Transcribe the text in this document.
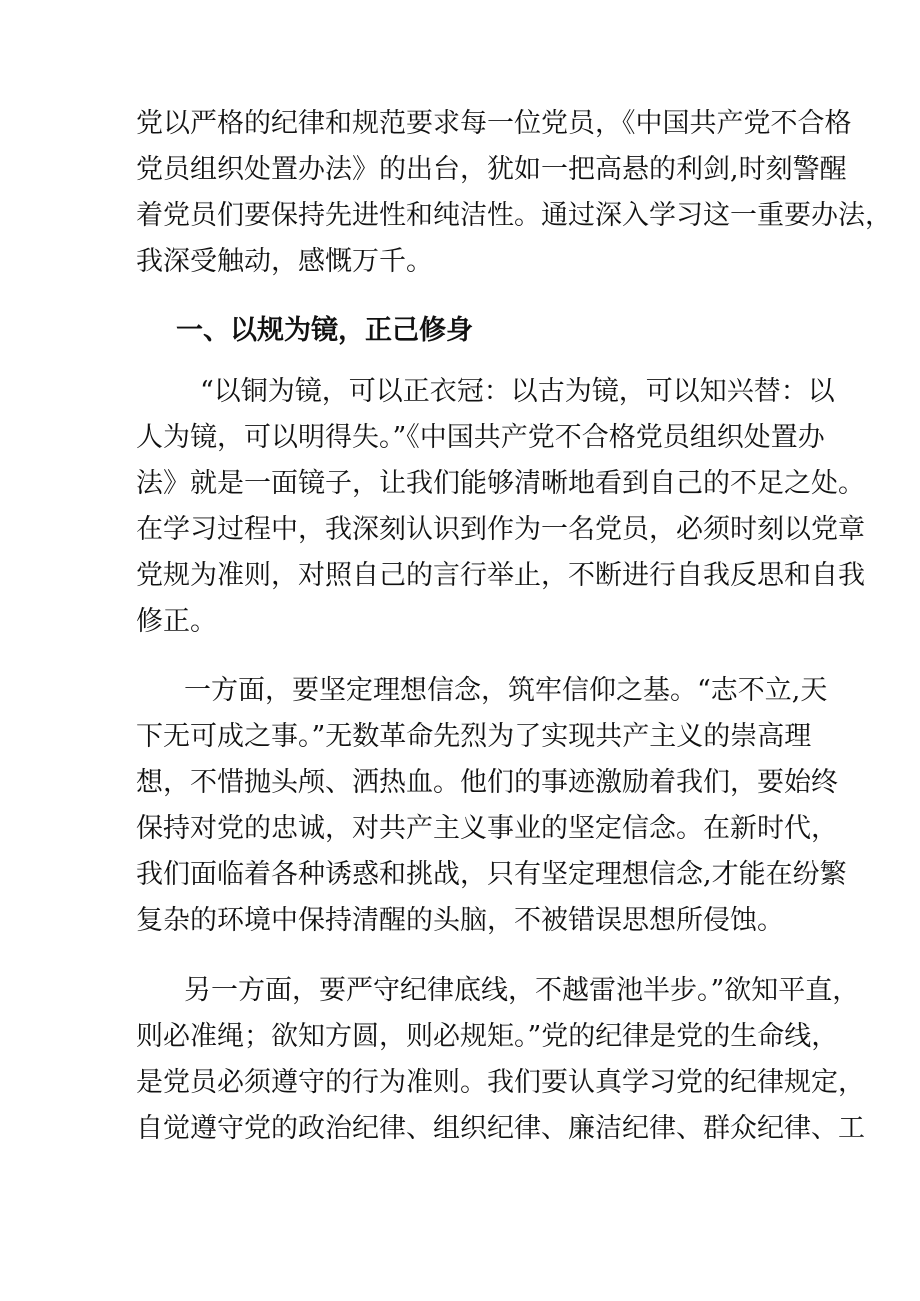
党以严格的纪律和规范要求每一位党员，《中国共产党不合格
党员组织处置办法》的出台，犹如一把高悬的利剑,时刻警醒
着党员们要保持先进性和纯洁性。通过深入学习这一重要办法，
我深受触动，感慨万千。
一、以规为镜，正己修身
“以铜为镜，可以正衣冠：以古为镜，可以知兴替：以
人为镜，可以明得失。”《中国共产党不合格党员组织处置办
法》就是一面镜子，让我们能够清晰地看到自己的不足之处。
在学习过程中，我深刻认识到作为一名党员，必须时刻以党章
党规为准则，对照自己的言行举止，不断进行自我反思和自我
修正。
一方面，要坚定理想信念，筑牢信仰之基。“志不立,天
下无可成之事。”无数革命先烈为了实现共产主义的崇高理
想，不惜抛头颅、洒热血。他们的事迹激励着我们，要始终
保持对党的忠诚，对共产主义事业的坚定信念。在新时代，
我们面临着各种诱惑和挑战，只有坚定理想信念,才能在纷繁
复杂的环境中保持清醒的头脑，不被错误思想所侵蚀。
另一方面，要严守纪律底线，不越雷池半步。”欲知平直，
则必准绳；欲知方圆，则必规矩。”党的纪律是党的生命线，
是党员必须遵守的行为准则。我们要认真学习党的纪律规定，
自觉遵守党的政治纪律、组织纪律、廉洁纪律、群众纪律、工
